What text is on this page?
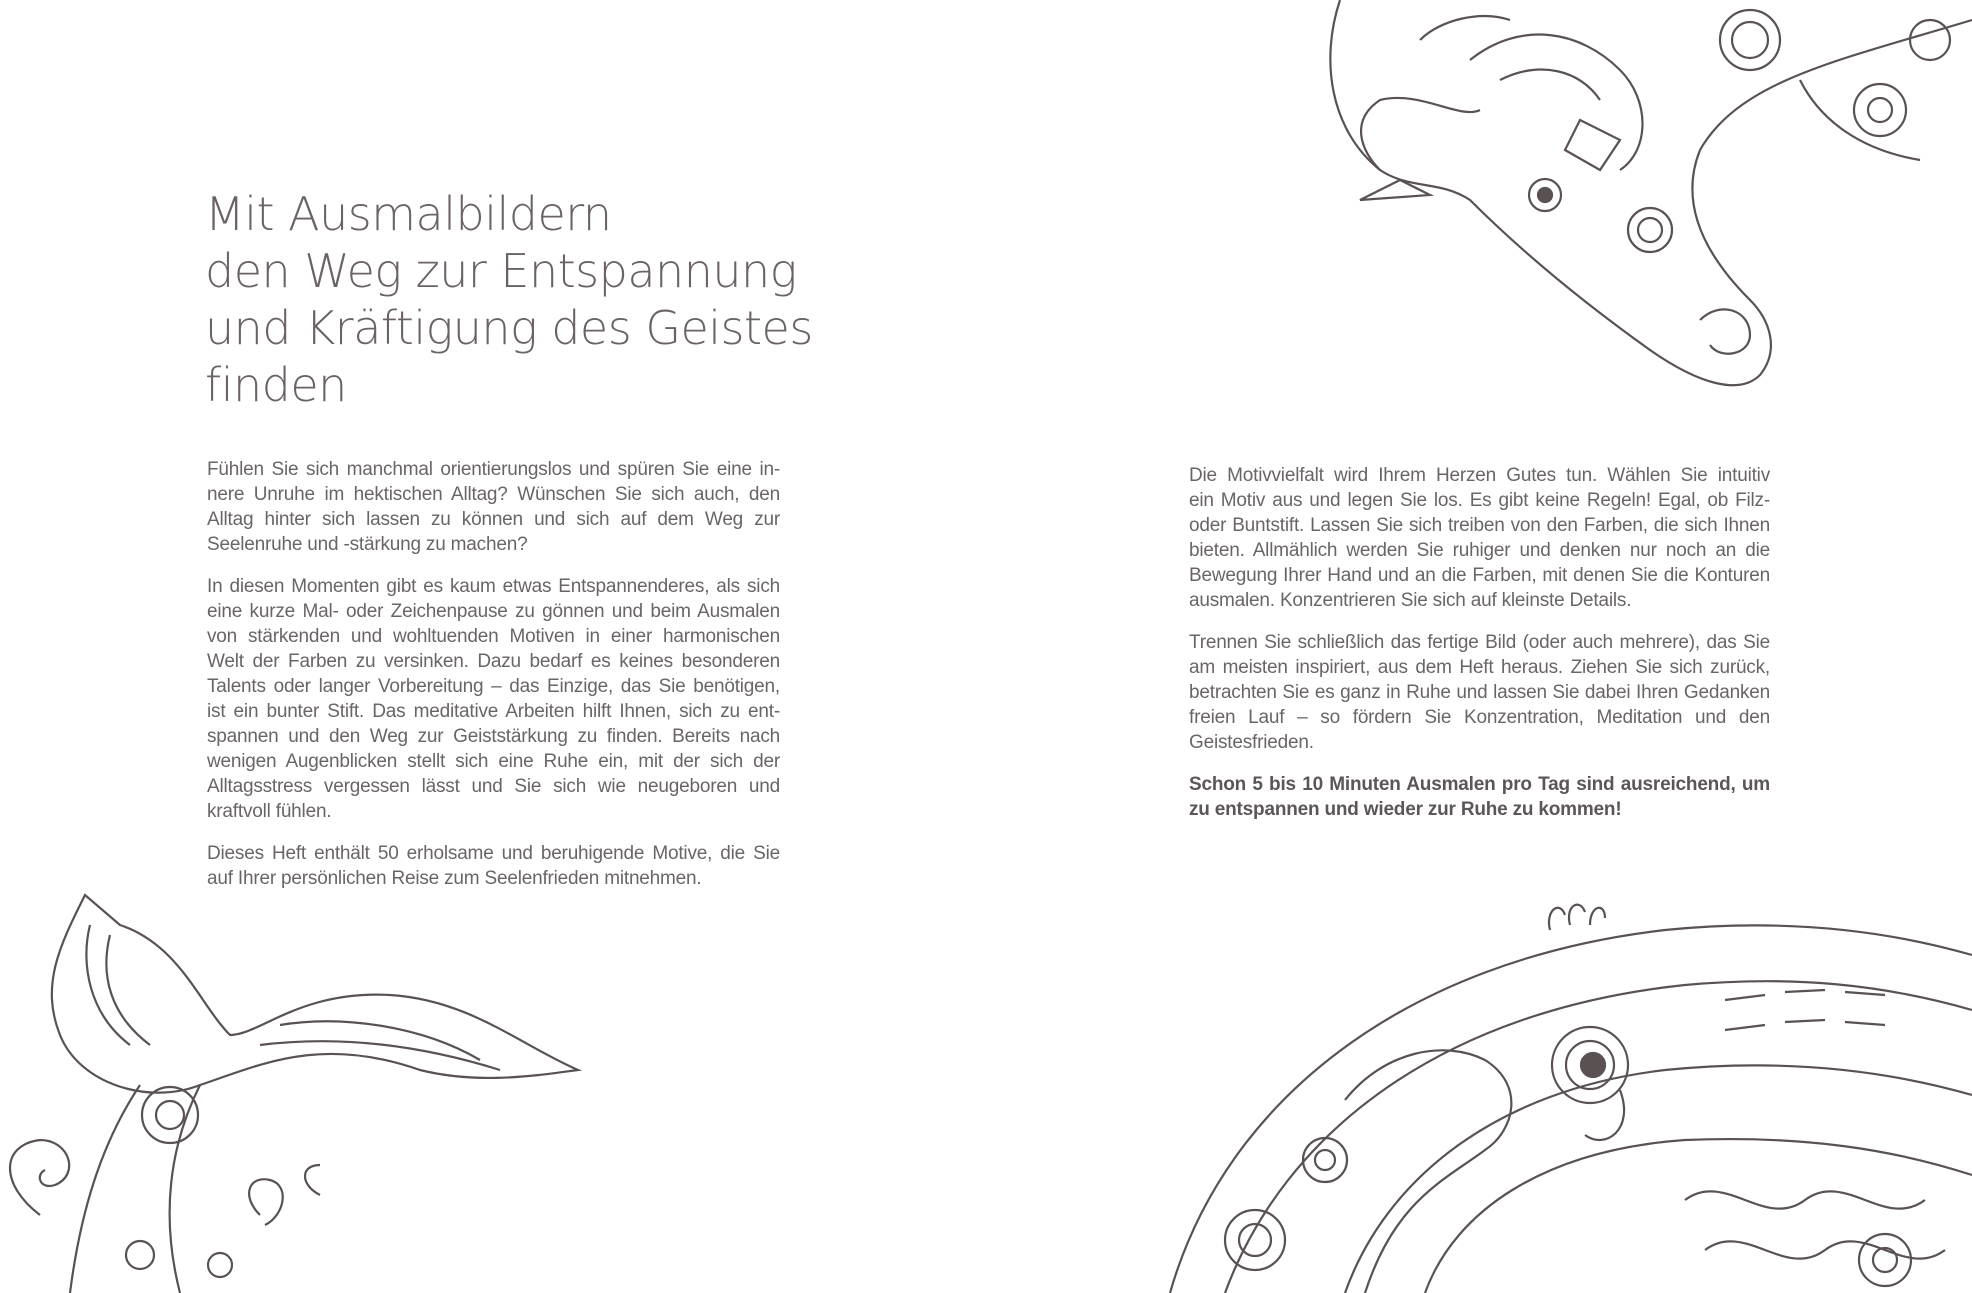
Mit Ausmalbildern
den Weg zur Entspannung
und Kräftigung des Geistes
finden

Fühlen Sie sich manchmal orientierungslos und spüren Sie eine in-
nere Unruhe im hektischen Alltag? Wünschen Sie sich auch, den
Alltag hinter sich lassen zu können und sich auf dem Weg zur
Seelenruhe und -stärkung zu machen?

In diesen Momenten gibt es kaum etwas Entspannenderes, als sich
eine kurze Mal- oder Zeichenpause zu gönnen und beim Ausmalen
von stärkenden und wohltuenden Motiven in einer harmonischen
Welt der Farben zu versinken. Dazu bedarf es keines besonderen
Talents oder langer Vorbereitung – das Einzige, das Sie benötigen,
ist ein bunter Stift. Das meditative Arbeiten hilft Ihnen, sich zu ent-
spannen und den Weg zur Geiststärkung zu finden. Bereits nach
wenigen Augenblicken stellt sich eine Ruhe ein, mit der sich der
Alltagsstress vergessen lässt und Sie sich wie neugeboren und
kraftvoll fühlen.

Dieses Heft enthält 50 erholsame und beruhigende Motive, die Sie
auf Ihrer persönlichen Reise zum Seelenfrieden mitnehmen.

Die Motivvielfalt wird Ihrem Herzen Gutes tun. Wählen Sie intuitiv
ein Motiv aus und legen Sie los. Es gibt keine Regeln! Egal, ob Filz-
oder Buntstift. Lassen Sie sich treiben von den Farben, die sich Ihnen
bieten. Allmählich werden Sie ruhiger und denken nur noch an die
Bewegung Ihrer Hand und an die Farben, mit denen Sie die Konturen
ausmalen. Konzentrieren Sie sich auf kleinste Details.

Trennen Sie schließlich das fertige Bild (oder auch mehrere), das Sie
am meisten inspiriert, aus dem Heft heraus. Ziehen Sie sich zurück,
betrachten Sie es ganz in Ruhe und lassen Sie dabei Ihren Gedanken
freien Lauf – so fördern Sie Konzentration, Meditation und den
Geistesfrieden.

Schon 5 bis 10 Minuten Ausmalen pro Tag sind ausreichend, um
zu entspannen und wieder zur Ruhe zu kommen!
